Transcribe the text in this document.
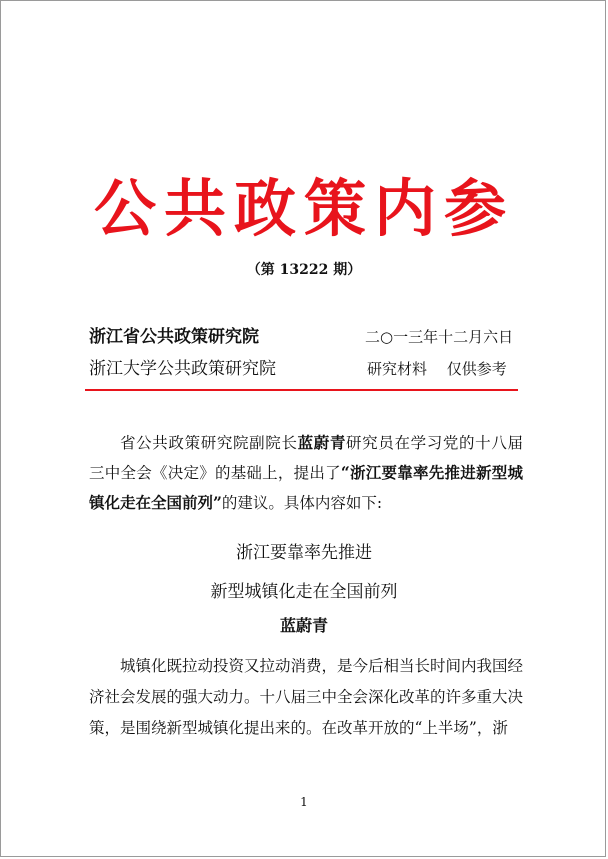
公共政策内参
（第 13222 期）
浙江省公共政策研究院	二○一三年十二月六日
浙江大学公共政策研究院	研究材料　 仅供参考

省公共政策研究院副院长蓝蔚青研究员在学习党的十八届三中全会《决定》的基础上，提出了“浙江要靠率先推进新型城镇化走在全国前列”的建议。具体内容如下:

浙江要靠率先推进
新型城镇化走在全国前列
蓝蔚青

城镇化既拉动投资又拉动消费，是今后相当长时间内我国经济社会发展的强大动力。十八届三中全会深化改革的许多重大决策，是围绕新型城镇化提出来的。在改革开放的“上半场”，浙

1
